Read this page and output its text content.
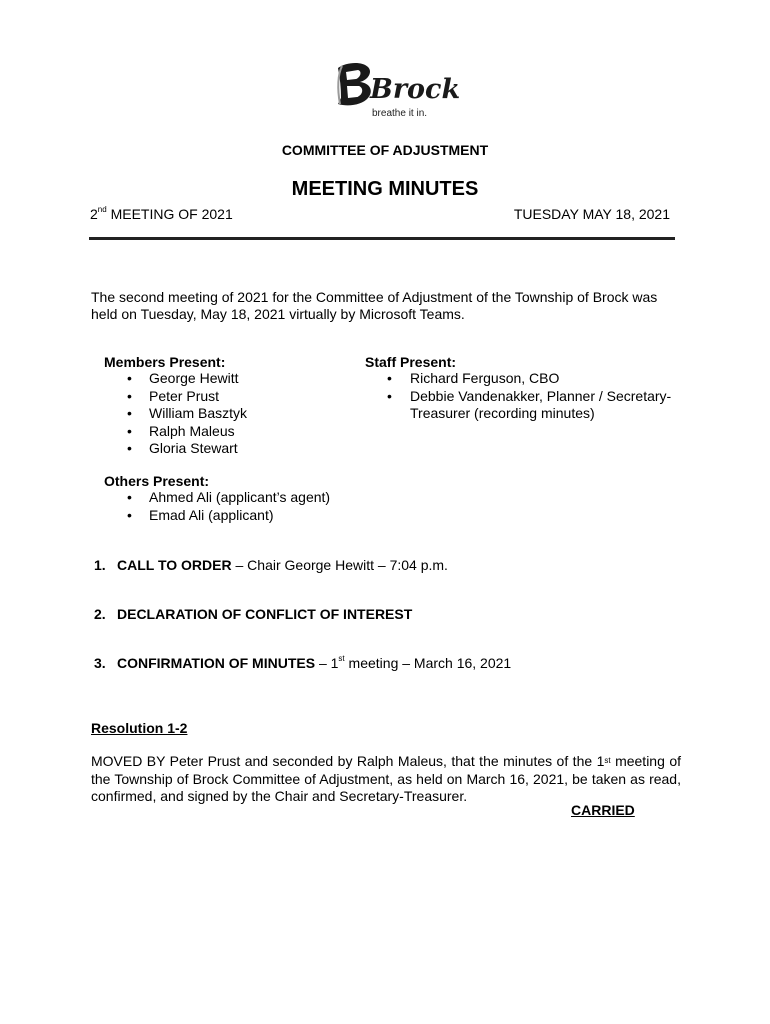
Brock
breathe it in.
COMMITTEE OF ADJUSTMENT
MEETING MINUTES
2nd MEETING OF 2021	TUESDAY MAY 18, 2021
The second meeting of 2021 for the Committee of Adjustment of the Township of Brock was held on Tuesday, May 18, 2021 virtually by Microsoft Teams.
Members Present:
• George Hewitt
• Peter Prust
• William Basztyk
• Ralph Maleus
• Gloria Stewart
Staff Present:
• Richard Ferguson, CBO
• Debbie Vandenakker, Planner / Secretary-Treasurer (recording minutes)
Others Present:
• Ahmed Ali (applicant’s agent)
• Emad Ali (applicant)
1. CALL TO ORDER – Chair George Hewitt – 7:04 p.m.
2. DECLARATION OF CONFLICT OF INTEREST
3. CONFIRMATION OF MINUTES – 1st meeting – March 16, 2021
Resolution 1-2
MOVED BY Peter Prust and seconded by Ralph Maleus, that the minutes of the 1st meeting of the Township of Brock Committee of Adjustment, as held on March 16, 2021, be taken as read, confirmed, and signed by the Chair and Secretary-Treasurer.
CARRIED
